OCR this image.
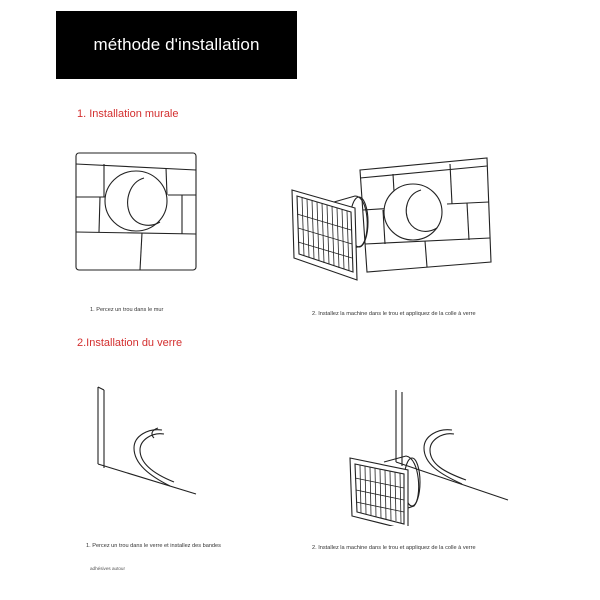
méthode d'installation
1. Installation murale
1. Percez un trou dans le mur
2. Installez la machine dans le trou et appliquez de la colle à verre
2.Installation du verre
1. Percez un trou dans le verre et installez des bandes
adhésives autour
2. Installez la machine dans le trou et appliquez de la colle à verre
